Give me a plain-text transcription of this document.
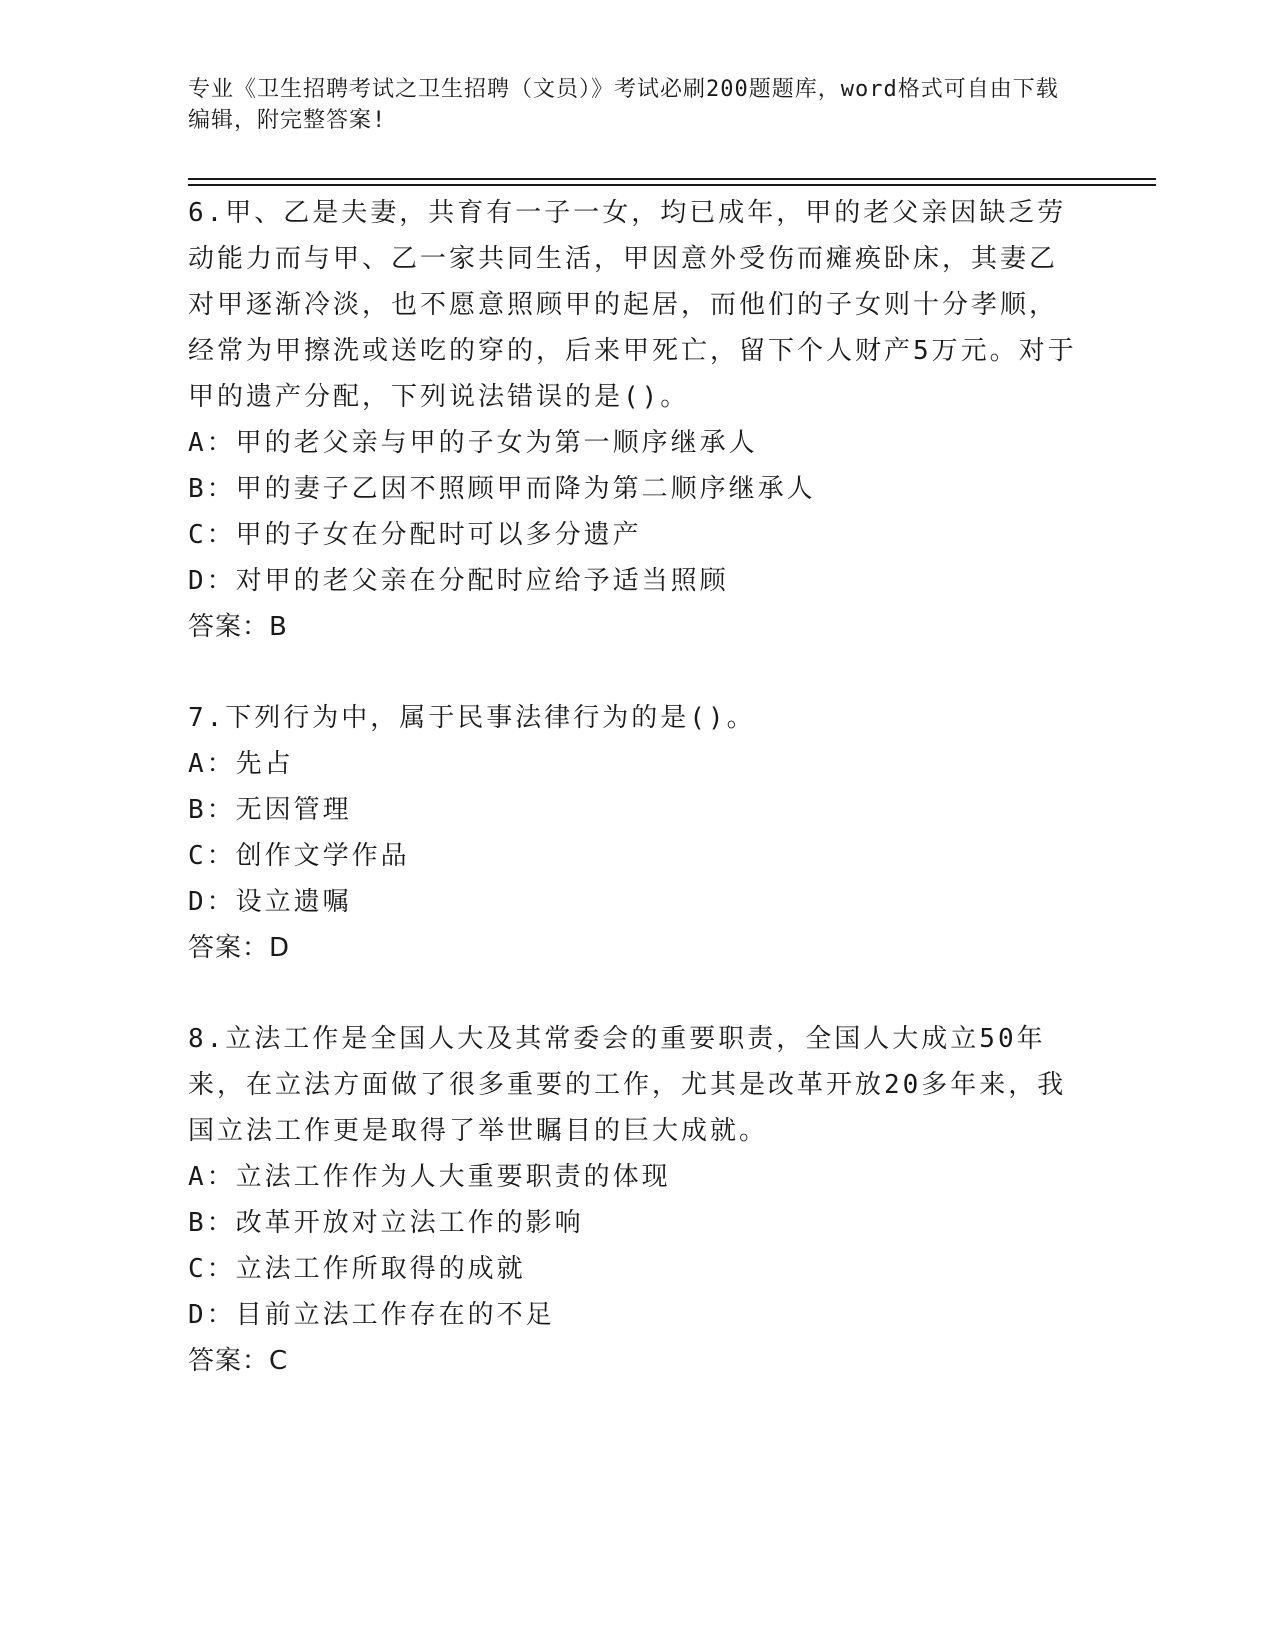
专业《卫生招聘考试之卫生招聘（文员）》考试必刷200题题库，word格式可自由下载编辑，附完整答案!

6.甲、乙是夫妻，共育有一子一女，均已成年，甲的老父亲因缺乏劳动能力而与甲、乙一家共同生活，甲因意外受伤而瘫痪卧床，其妻乙对甲逐渐冷淡，也不愿意照顾甲的起居，而他们的子女则十分孝顺，经常为甲擦洗或送吃的穿的，后来甲死亡，留下个人财产5万元。对于甲的遗产分配，下列说法错误的是()。

A：甲的老父亲与甲的子女为第一顺序继承人

B：甲的妻子乙因不照顾甲而降为第二顺序继承人

C：甲的子女在分配时可以多分遗产

D：对甲的老父亲在分配时应给予适当照顾

答案：B

7.下列行为中，属于民事法律行为的是()。

A：先占

B：无因管理

C：创作文学作品

D：设立遗嘱

答案：D

8.立法工作是全国人大及其常委会的重要职责，全国人大成立50年来，在立法方面做了很多重要的工作，尤其是改革开放20多年来，我国立法工作更是取得了举世瞩目的巨大成就。

A：立法工作作为人大重要职责的体现

B：改革开放对立法工作的影响

C：立法工作所取得的成就

D：目前立法工作存在的不足

答案：C
